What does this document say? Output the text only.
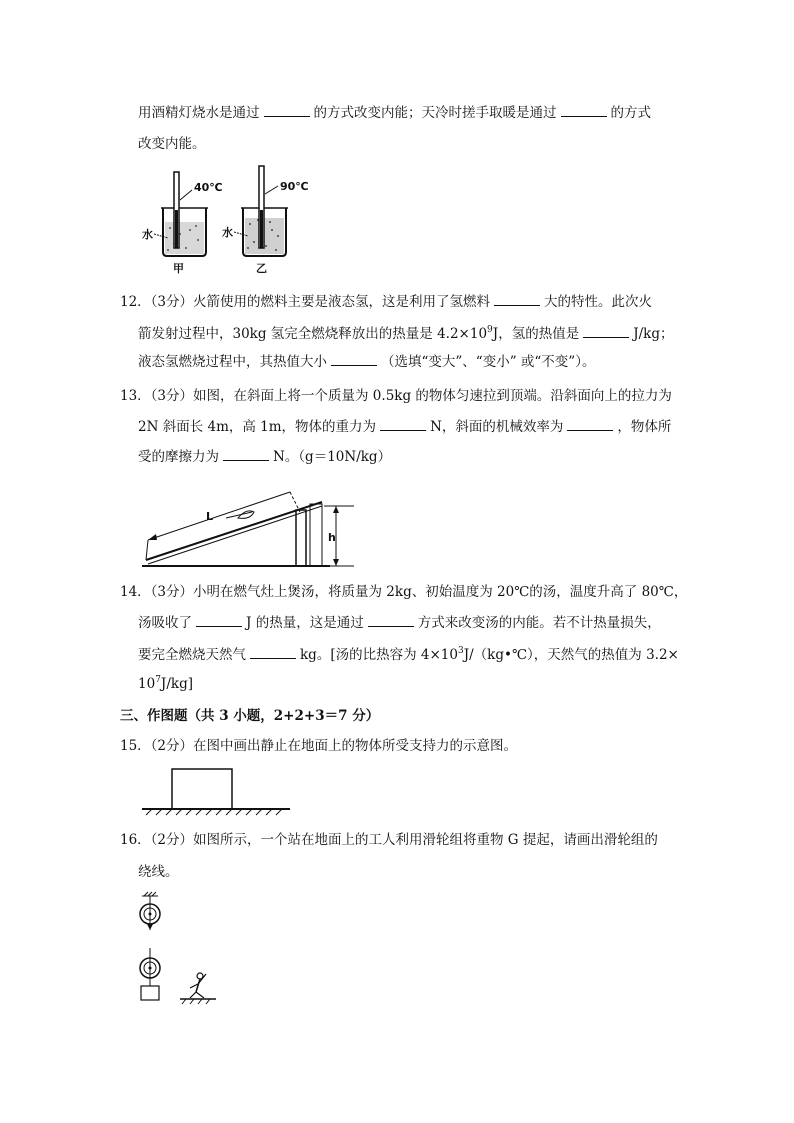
用酒精灯烧水是通过	的方式改变内能；天冷时搓手取暖是通过	的方式
改变内能。
40℃
水
甲
90℃
水
乙
12．（3分）火箭使用的燃料主要是液态氢，这是利用了氢燃料	大的特性。此次火
箭发射过程中，30kg 氢完全燃烧释放出的热量是 $4.2\times 10^9J$，氢的热值是	J/kg；
液态氢燃烧过程中，其热值大小	（选填“变大”、“变小” 或“不变”）。
13．（3分）如图，在斜面上将一个质量为 0.5kg 的物体匀速拉到顶端。沿斜面向上的拉力为
2N 斜面长 4m，高 1m，物体的重力为	N，斜面的机械效率为	，物体所
受的摩擦力为	N。（g＝10N/kg）
L
h
14．（3分）小明在燃气灶上煲汤，将质量为 2kg、初始温度为 20℃的汤，温度升高了 80℃，
汤吸收了	J 的热量，这是通过	方式来改变汤的内能。若不计热量损失，
要完全燃烧天然气	kg。[汤的比热容为 $4\times 10^3J/(kg•℃)$，天然气的热值为 3.2×
$10^7J/kg$]
三、作图题（共 3 小题，2+2+3＝7 分）
15．（2分）在图中画出静止在地面上的物体所受支持力的示意图。
16．（2分）如图所示，一个站在地面上的工人利用滑轮组将重物 G 提起，请画出滑轮组的
绕线。
